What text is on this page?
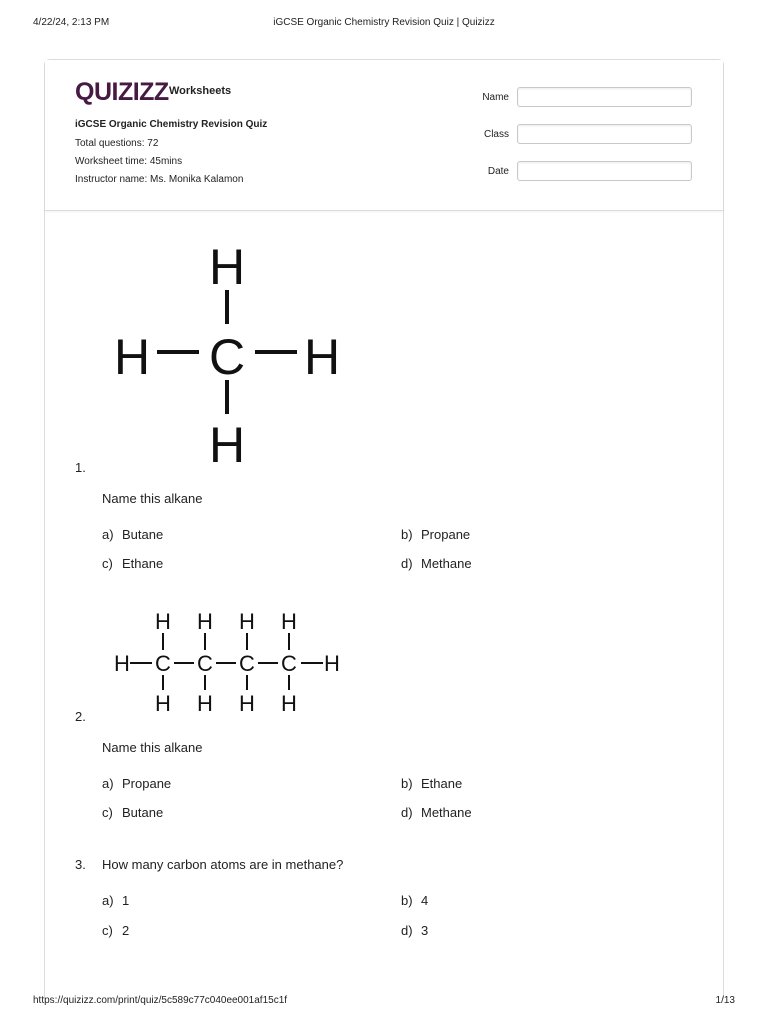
4/22/24, 2:13 PM	iGCSE Organic Chemistry Revision Quiz | Quizizz
QUIZIZZ Worksheets
iGCSE Organic Chemistry Revision Quiz
Total questions: 72
Worksheet time: 45mins
Instructor name: Ms. Monika Kalamon
Name
Class
Date
H
C
H	H
H
1.
Name this alkane
a) Butane	b) Propane
c) Ethane	d) Methane
H	H
H
C
H
H
C
H
H
C
H
H
C
H
2.
Name this alkane
a) Propane	b) Ethane
c) Butane	d) Methane
3. How many carbon atoms are in methane?
a) 1	b) 4
c) 2	d) 3
https://quizizz.com/print/quiz/5c589c77c040ee001af15c1f	1/13
